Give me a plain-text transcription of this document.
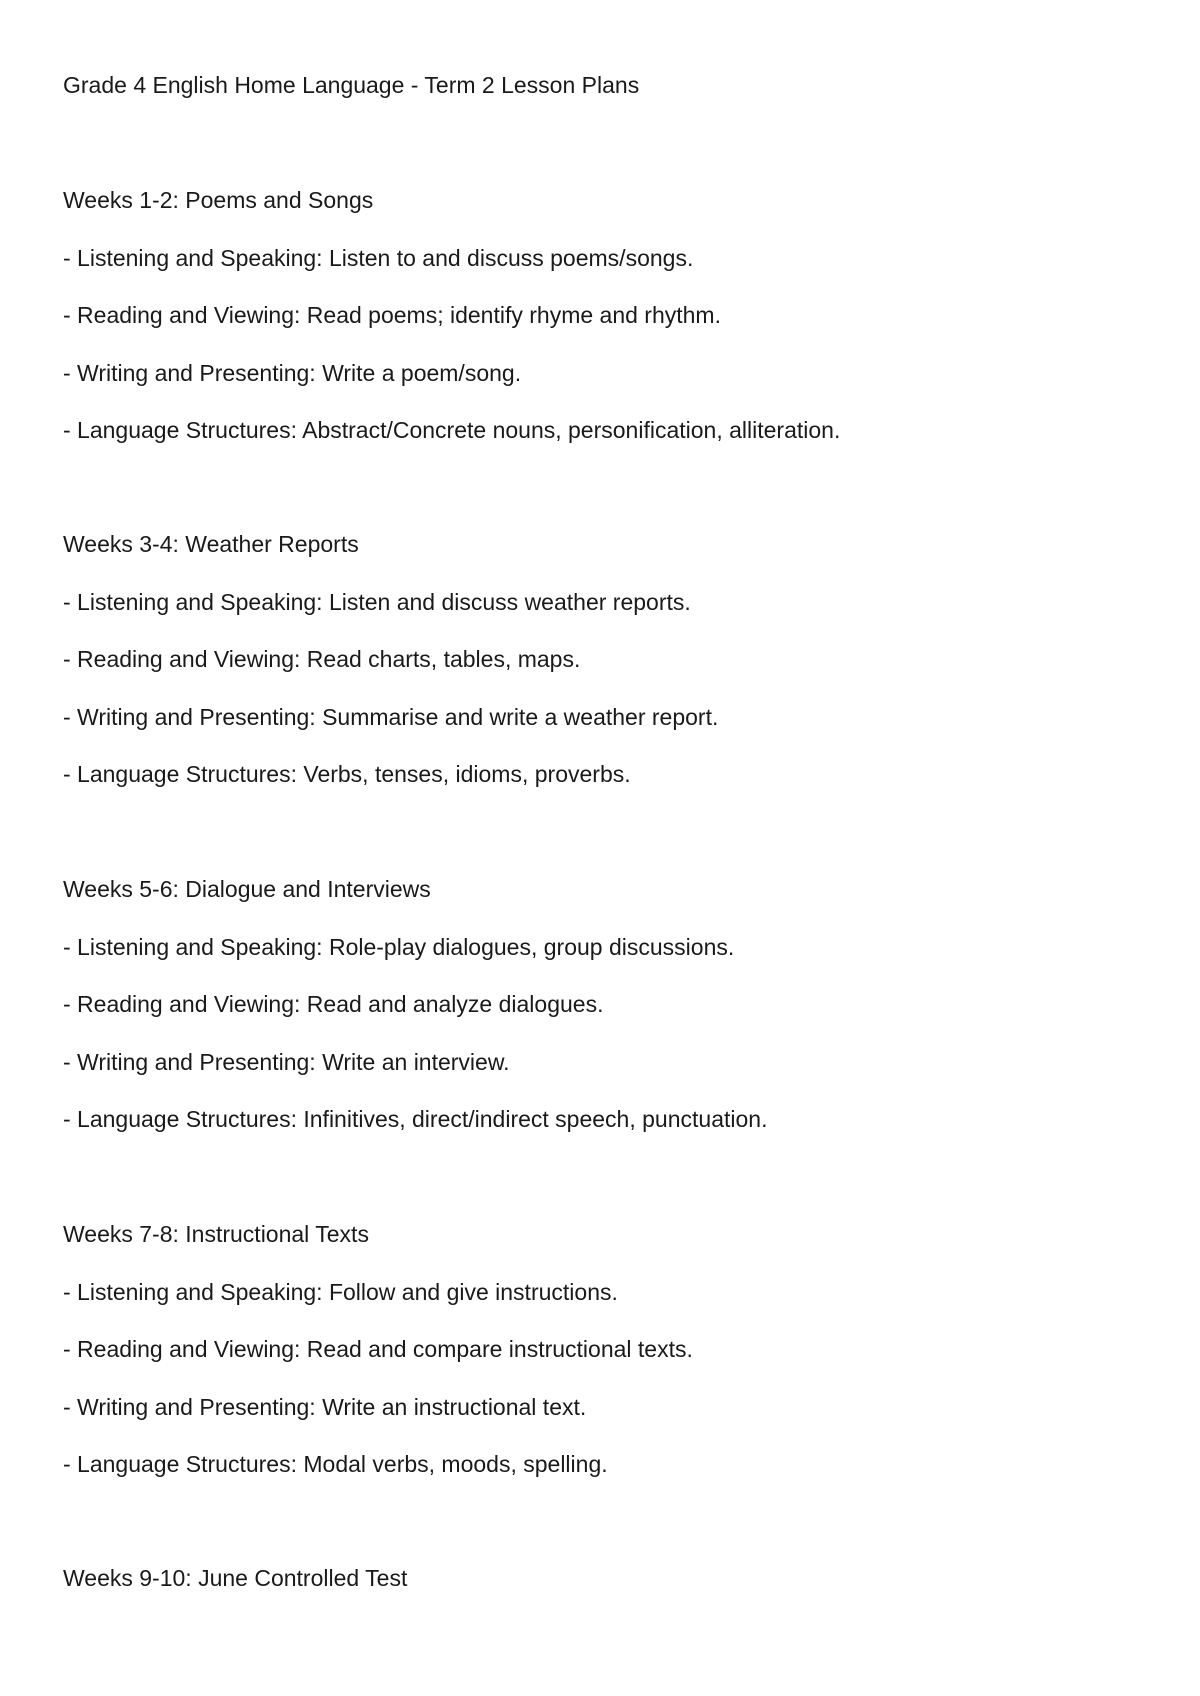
Grade 4 English Home Language - Term 2 Lesson Plans
Weeks 1-2: Poems and Songs
- Listening and Speaking: Listen to and discuss poems/songs.
- Reading and Viewing: Read poems; identify rhyme and rhythm.
- Writing and Presenting: Write a poem/song.
- Language Structures: Abstract/Concrete nouns, personification, alliteration.
Weeks 3-4: Weather Reports
- Listening and Speaking: Listen and discuss weather reports.
- Reading and Viewing: Read charts, tables, maps.
- Writing and Presenting: Summarise and write a weather report.
- Language Structures: Verbs, tenses, idioms, proverbs.
Weeks 5-6: Dialogue and Interviews
- Listening and Speaking: Role-play dialogues, group discussions.
- Reading and Viewing: Read and analyze dialogues.
- Writing and Presenting: Write an interview.
- Language Structures: Infinitives, direct/indirect speech, punctuation.
Weeks 7-8: Instructional Texts
- Listening and Speaking: Follow and give instructions.
- Reading and Viewing: Read and compare instructional texts.
- Writing and Presenting: Write an instructional text.
- Language Structures: Modal verbs, moods, spelling.
Weeks 9-10: June Controlled Test
